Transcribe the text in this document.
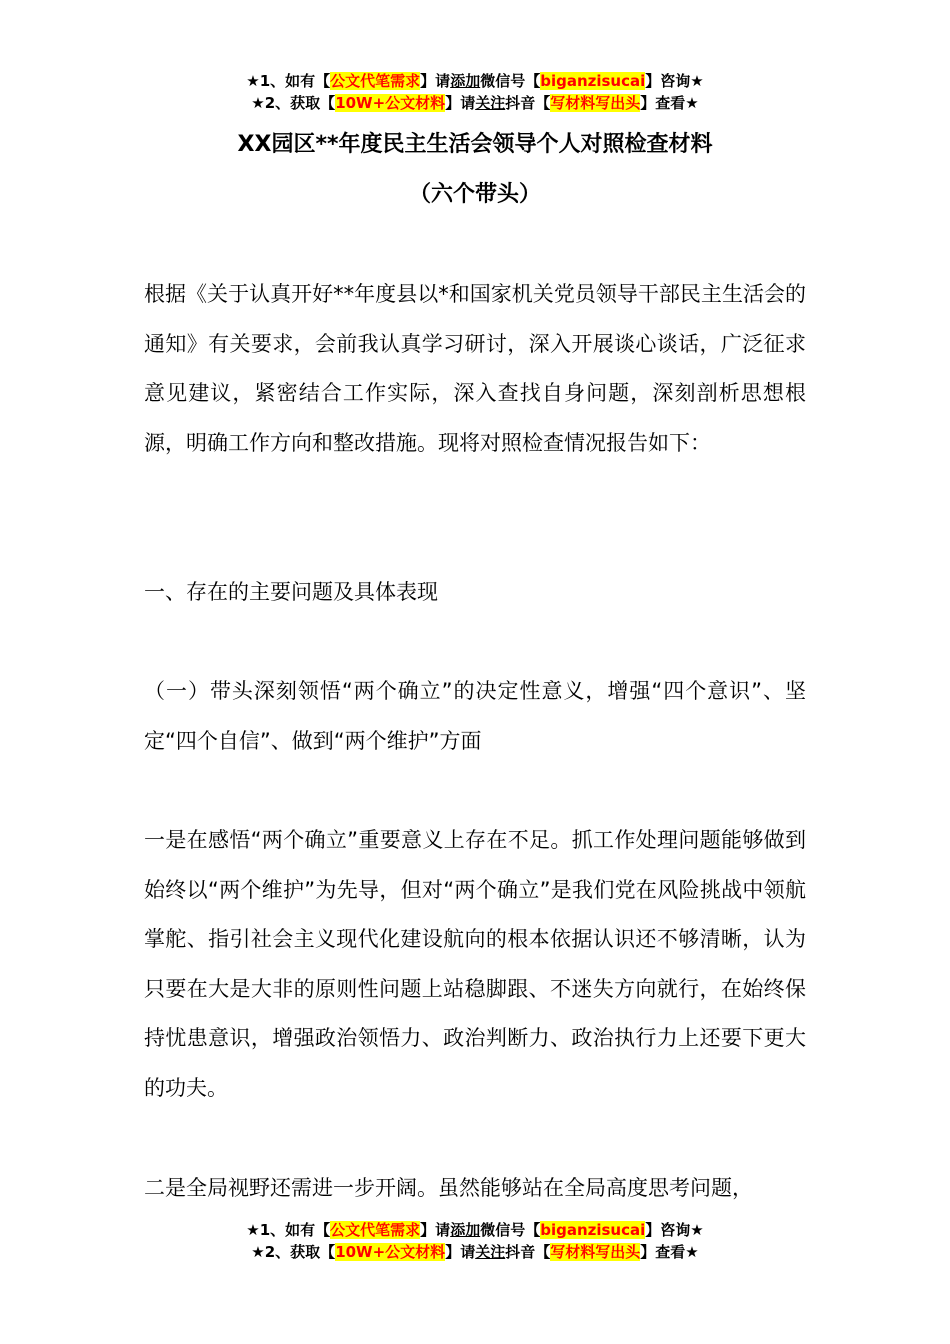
★1、如有【公文代笔需求】请添加微信号【biganzisucai】咨询★
★2、获取【10W+公文材料】请关注抖音【写材料写出头】查看★
XX园区**年度民主生活会领导个人对照检查材料
（六个带头）

根据《关于认真开好**年度县以*和国家机关党员领导干部民主生活会的通知》有关要求，会前我认真学习研讨，深入开展谈心谈话，广泛征求意见建议，紧密结合工作实际，深入查找自身问题，深刻剖析思想根源，明确工作方向和整改措施。现将对照检查情况报告如下：

一、存在的主要问题及具体表现

（一）带头深刻领悟“两个确立”的决定性意义，增强“四个意识”、坚定“四个自信”、做到“两个维护”方面

一是在感悟“两个确立”重要意义上存在不足。抓工作处理问题能够做到始终以“两个维护”为先导，但对“两个确立”是我们党在风险挑战中领航掌舵、指引社会主义现代化建设航向的根本依据认识还不够清晰，认为只要在大是大非的原则性问题上站稳脚跟、不迷失方向就行，在始终保持忧患意识，增强政治领悟力、政治判断力、政治执行力上还要下更大的功夫。

二是全局视野还需进一步开阔。虽然能够站在全局高度思考问题，

★1、如有【公文代笔需求】请添加微信号【biganzisucai】咨询★
★2、获取【10W+公文材料】请关注抖音【写材料写出头】查看★
